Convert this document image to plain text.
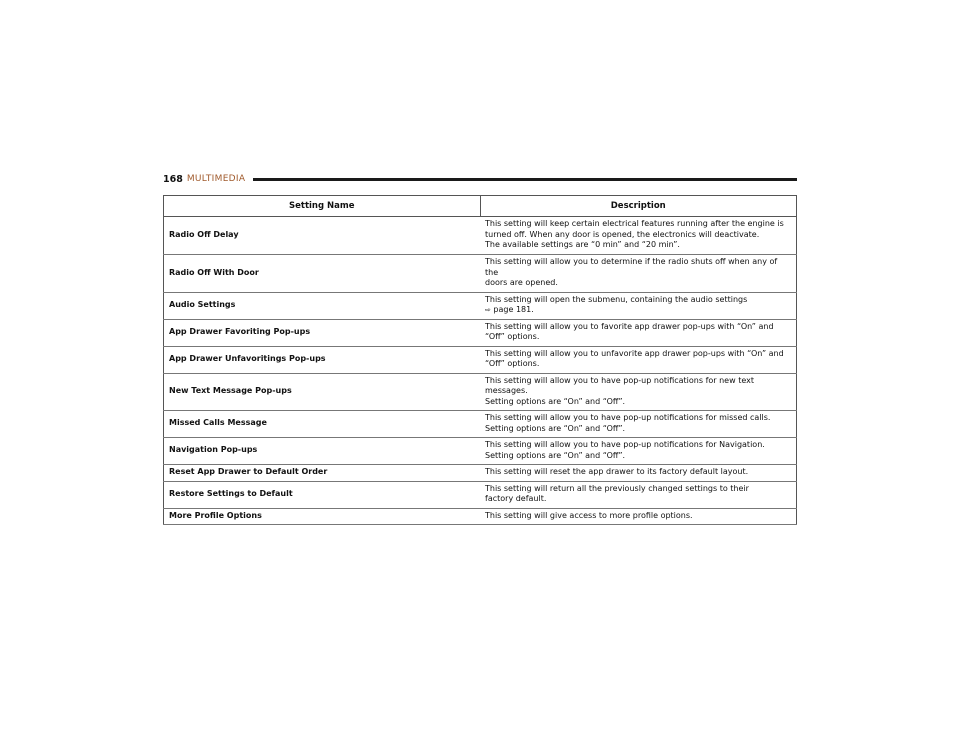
168 MULTIMEDIA
Setting Name	Description
Radio Off Delay	This setting will keep certain electrical features running after the engine is
turned off. When any door is opened, the electronics will deactivate.
The available settings are “0 min” and “20 min”.

Radio Off With Door	This setting will allow you to determine if the radio shuts off when any of the
doors are opened.

Audio Settings	This setting will open the submenu, containing the audio settings
⇨ page 181.

App Drawer Favoriting Pop-ups	This setting will allow you to favorite app drawer pop-ups with “On” and
“Off” options.

App Drawer Unfavoritings Pop-ups	This setting will allow you to unfavorite app drawer pop-ups with “On” and
“Off” options.

New Text Message Pop-ups	This setting will allow you to have pop-up notifications for new text messages.
Setting options are “On” and “Off”.

Missed Calls Message	This setting will allow you to have pop-up notifications for missed calls.
Setting options are “On” and “Off”.

Navigation Pop-ups	This setting will allow you to have pop-up notifications for Navigation.
Setting options are “On” and “Off”.

Reset App Drawer to Default Order	This setting will reset the app drawer to its factory default layout.

Restore Settings to Default	This setting will return all the previously changed settings to their
factory default.

More Profile Options	This setting will give access to more profile options.
